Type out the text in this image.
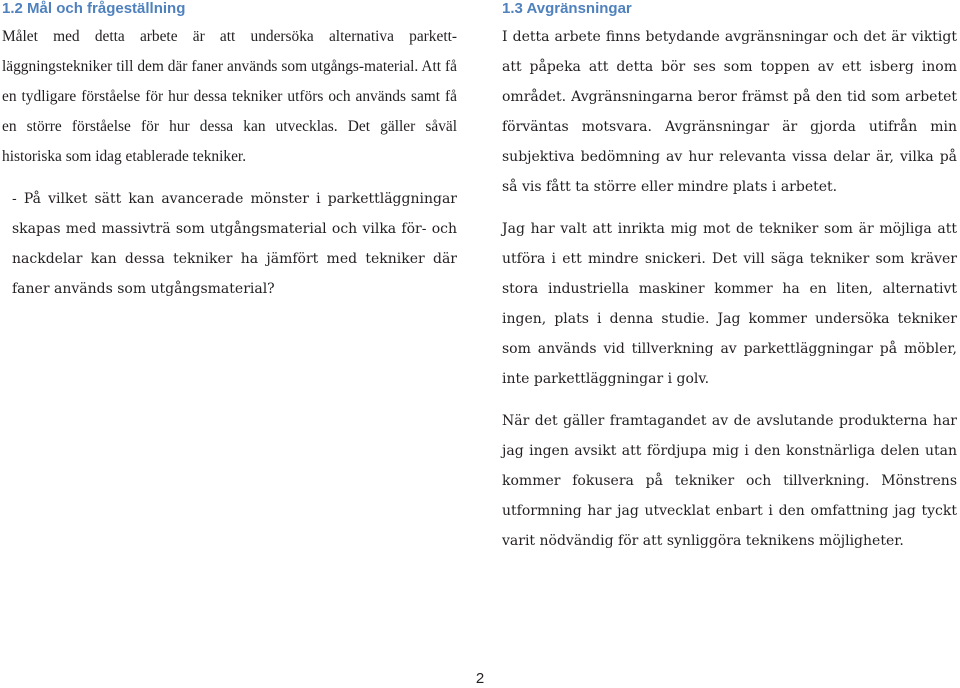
1.2 Mål och frågeställning

Målet med detta arbete är att undersöka alternativa parkett-läggningstekniker till dem där faner används som utgångs-material. Att få en tydligare förståelse för hur dessa tekniker utförs och används samt få en större förståelse för hur dessa kan utvecklas. Det gäller såväl historiska som idag etablerade tekniker.

- På vilket sätt kan avancerade mönster i parkettläggningar skapas med massivträ som utgångsmaterial och vilka för- och nackdelar kan dessa tekniker ha jämfört med tekniker där faner används som utgångsmaterial?

1.3 Avgränsningar

I detta arbete finns betydande avgränsningar och det är viktigt att påpeka att detta bör ses som toppen av ett isberg inom området. Avgränsningarna beror främst på den tid som arbetet förväntas motsvara. Avgränsningar är gjorda utifrån min subjektiva bedömning av hur relevanta vissa delar är, vilka på så vis fått ta större eller mindre plats i arbetet.

Jag har valt att inrikta mig mot de tekniker som är möjliga att utföra i ett mindre snickeri. Det vill säga tekniker som kräver stora industriella maskiner kommer ha en liten, alternativt ingen, plats i denna studie. Jag kommer undersöka tekniker som används vid tillverkning av parkettläggningar på möbler, inte parkettläggningar i golv.

När det gäller framtagandet av de avslutande produkterna har jag ingen avsikt att fördjupa mig i den konstnärliga delen utan kommer fokusera på tekniker och tillverkning. Mönstrens utformning har jag utvecklat enbart i den omfattning jag tyckt varit nödvändig för att synliggöra teknikens möjligheter.

2
